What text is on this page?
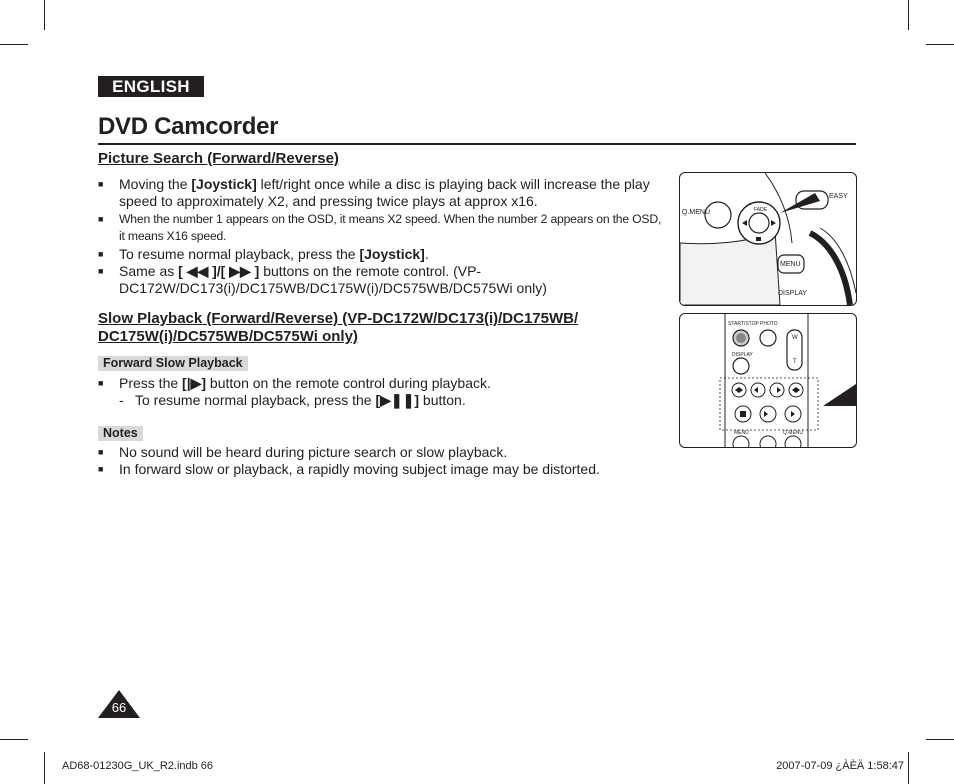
ENGLISH
DVD Camcorder
Picture Search (Forward/Reverse)
■ Moving the [Joystick] left/right once while a disc is playing back will increase the play speed to approximately X2, and pressing twice plays at approx x16.
■ When the number 1 appears on the OSD, it means X2 speed. When the number 2 appears on the OSD, it means X16 speed.
■ To resume normal playback, press the [Joystick].
■ Same as [ ◀◀ ]/[ ▶▶ ] buttons on the remote control. (VP-DC172W/DC173(i)/DC175WB/DC175W(i)/DC575WB/DC575Wi only)
Slow Playback (Forward/Reverse) (VP-DC172W/DC173(i)/DC175WB/ DC175W(i)/DC575WB/DC575Wi only)
Forward Slow Playback
■ Press the [|▶] button on the remote control during playback.
- To resume normal playback, press the [▶❚❚] button.
Notes
■ No sound will be heard during picture search or slow playback.
■ In forward slow or playback, a rapidly moving subject image may be distorted.
Q.MENU	FADE
EASY
MENU
DISPLAY
START/STOP PHOTO
W
T
DISPLAY
MENU	Q.MENU
66
AD68-01230G_UK_R2.indb 66	2007-07-09 ¿ÀÈÄ 1:58:47
